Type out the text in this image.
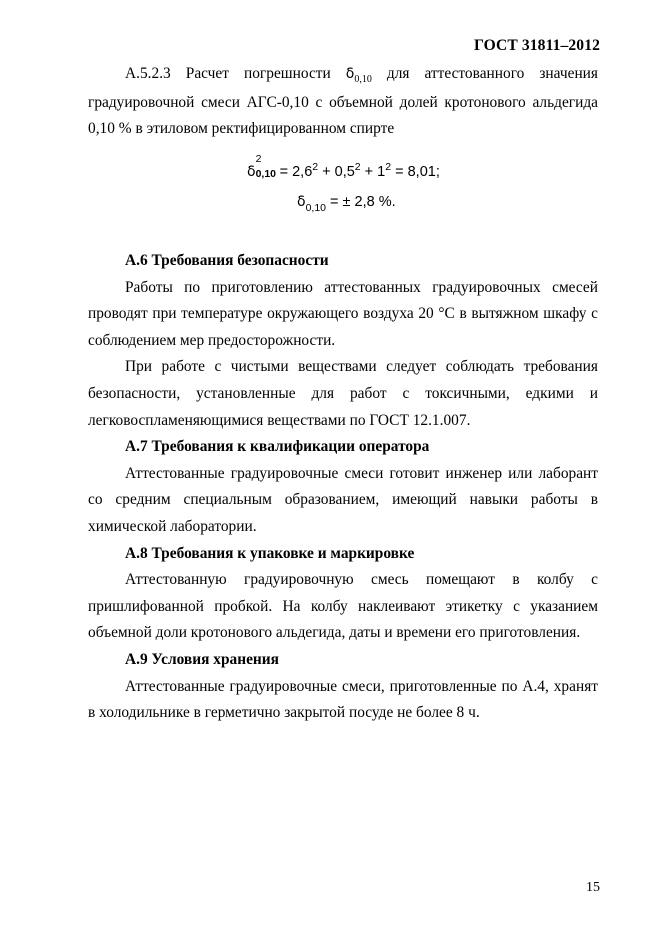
ГОСТ 31811–2012

А.5.2.3 Расчет погрешности $\delta_{0,10}$ для аттестованного значения градуировочной смеси АГС-0,10 с объемной долей кротонового альдегида 0,10 % в этиловом ректифицированном спирте

δ
2
$0,10 = 2,6^2 + 0,5^2 + 1^2 = 8,01$;
$\delta_{0,10}$ = ± 2,8 %.

А.6 Требования безопасности

Работы по приготовлению аттестованных градуировочных смесей проводят при температуре окружающего воздуха 20 °С в вытяжном шкафу с соблюдением мер предосторожности.

При работе с чистыми веществами следует соблюдать требования безопасности, установленные для работ с токсичными, едкими и легковоспламеняющимися веществами по ГОСТ 12.1.007.

А.7 Требования к квалификации оператора

Аттестованные градуировочные смеси готовит инженер или лаборант со средним специальным образованием, имеющий навыки работы в химической лаборатории.

А.8 Требования к упаковке и маркировке

Аттестованную градуировочную смесь помещают в колбу с пришлифованной пробкой. На колбу наклеивают этикетку с указанием объемной доли кротонового альдегида, даты и времени его приготовления.

А.9 Условия хранения

Аттестованные градуировочные смеси, приготовленные по А.4, хранят в холодильнике в герметично закрытой посуде не более 8 ч.

15
